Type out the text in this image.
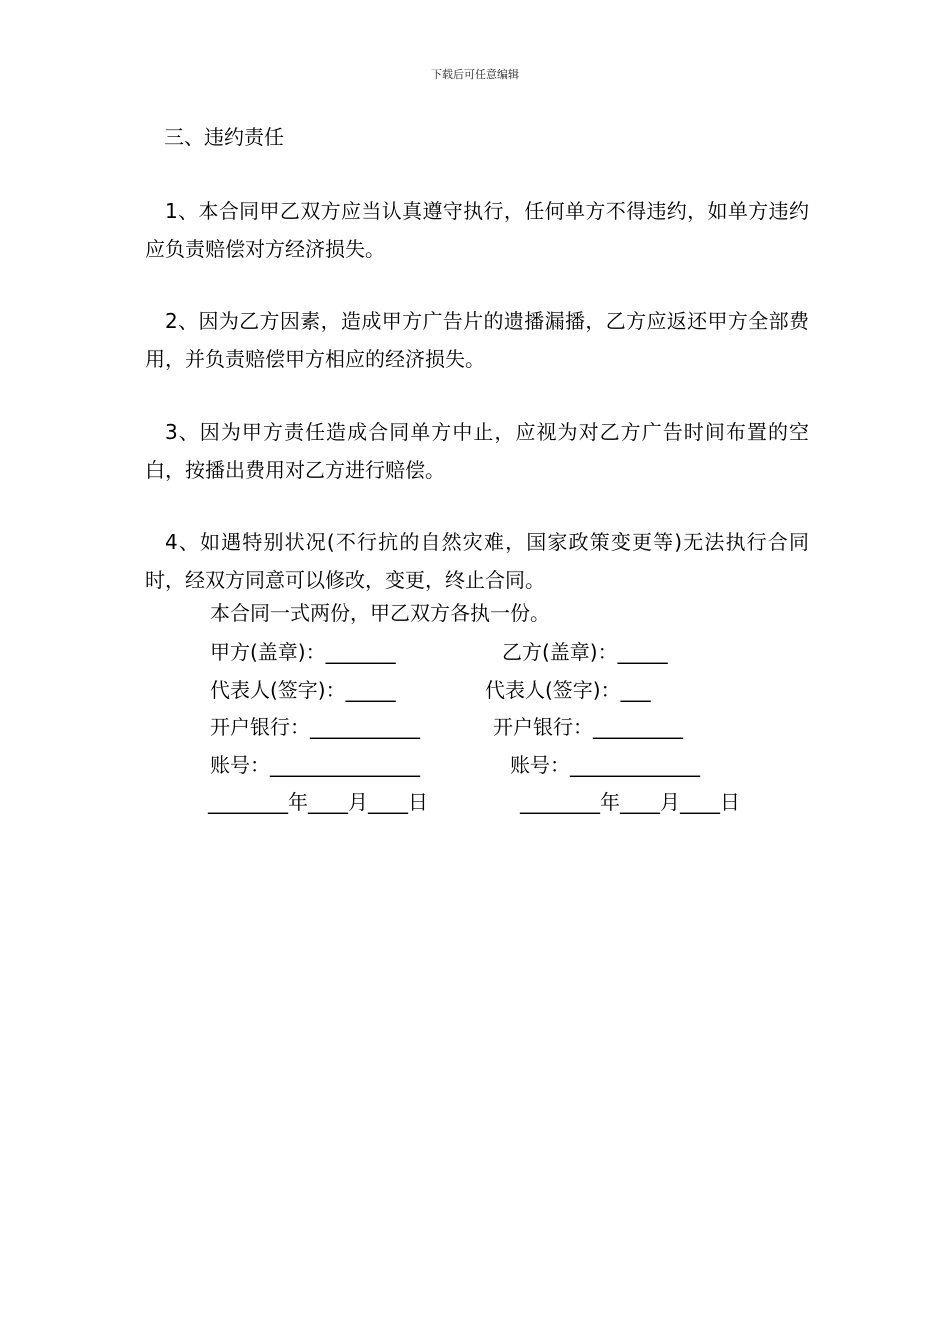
下载后可任意编辑
三、违约责任
1、本合同甲乙双方应当认真遵守执行，任何单方不得违约，如单方违约应负责赔偿对方经济损失。
2、因为乙方因素，造成甲方广告片的遗播漏播，乙方应返还甲方全部费用，并负责赔偿甲方相应的经济损失。
3、因为甲方责任造成合同单方中止，应视为对乙方广告时间布置的空白，按播出费用对乙方进行赔偿。
4、如遇特别状况(不行抗的自然灾难，国家政策变更等)无法执行合同时，经双方同意可以修改，变更，终止合同。
本合同一式两份，甲乙双方各执一份。
甲方(盖章)：_______	乙方(盖章)：_____
代表人(签字)：_____	代表人(签字)：___
开户银行：___________	开户银行：_________
账号：_______________	账号：_____________
________年____月____日	________年____月____日
